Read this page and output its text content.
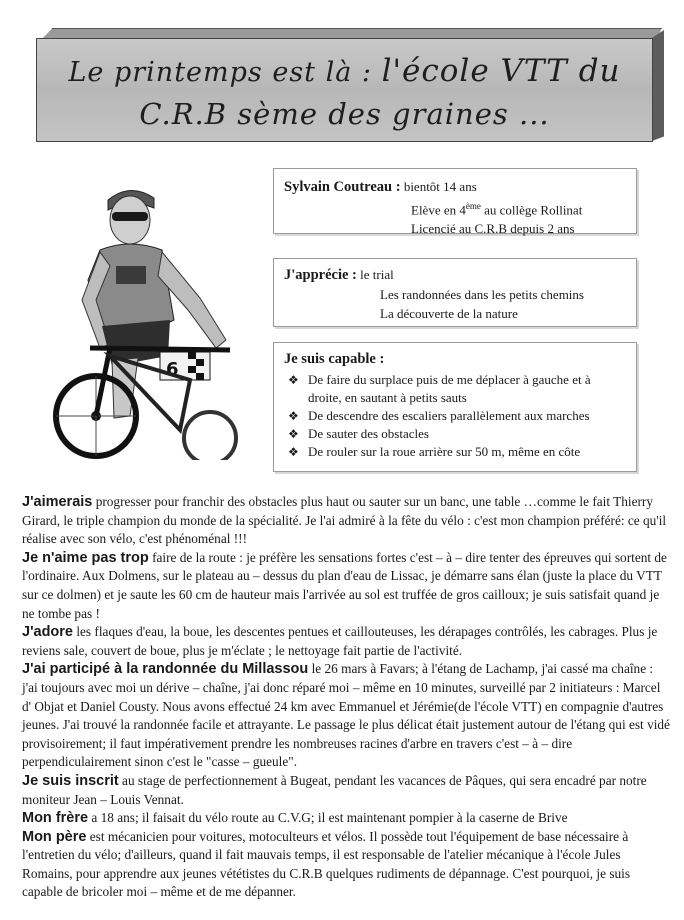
Le printemps est là : l'école VTT du
C.R.B sème des graines ...
6
Sylvain Coutreau : bientôt 14 ans
Elève en 4ème au collège Rollinat
Licencié au C.R.B depuis 2 ans
J'apprécie : le trial
Les randonnées dans les petits chemins
La découverte de la nature
Je suis capable :
❖ De faire du surplace puis de me déplacer à gauche et à droite, en sautant à petits sauts
❖ De descendre des escaliers parallèlement aux marches
❖ De sauter des obstacles
❖ De rouler sur la roue arrière sur 50 m, même en côte

J'aimerais progresser pour franchir des obstacles plus haut ou sauter sur un banc, une table …comme le fait Thierry Girard, le triple champion du monde de la spécialité. Je l'ai admiré à la fête du vélo : c'est mon champion préféré: ce qu'il réalise avec son vélo, c'est phénoménal !!!

Je n'aime pas trop faire de la route : je préfère les sensations fortes c'est – à – dire tenter des épreuves qui sortent de l'ordinaire. Aux Dolmens, sur le plateau au – dessus du plan d'eau de Lissac, je démarre sans élan (juste la place du VTT sur ce dolmen) et je saute les 60 cm de hauteur mais l'arrivée au sol est truffée de gros cailloux; je suis satisfait quand je ne tombe pas !

J'adore les flaques d'eau, la boue, les descentes pentues et caillouteuses, les dérapages contrôlés, les cabrages. Plus je reviens sale, couvert de boue, plus je m'éclate ; le nettoyage fait partie de l'activité.

J'ai participé à la randonnée du Millassou le 26 mars à Favars; à l'étang de Lachamp, j'ai cassé ma chaîne : j'ai toujours avec moi un dérive – chaîne, j'ai donc réparé moi – même en 10 minutes, surveillé par 2 initiateurs : Marcel d' Objat et Daniel Cousty. Nous avons effectué 24 km avec Emmanuel et Jérémie(de l'école VTT) en compagnie d'autres jeunes. J'ai trouvé la randonnée facile et attrayante. Le passage le plus délicat était justement autour de l'étang qui est vidé provisoirement; il faut impérativement prendre les nombreuses racines d'arbre en travers c'est – à – dire perpendiculairement sinon c'est le "casse – gueule".

Je suis inscrit au stage de perfectionnement à Bugeat, pendant les vacances de Pâques, qui sera encadré par notre moniteur Jean – Louis Vennat.

Mon frère a 18 ans; il faisait du vélo route au C.V.G; il est maintenant pompier à la caserne de Brive

Mon père est mécanicien pour voitures, motoculteurs et vélos. Il possède tout l'équipement de base nécessaire à l'entretien du vélo; d'ailleurs, quand il fait mauvais temps, il est responsable de l'atelier mécanique à l'école Jules Romains, pour apprendre aux jeunes vététistes du C.R.B quelques rudiments de dépannage. C'est pourquoi, je suis capable de bricoler moi – même et de me dépanner.
